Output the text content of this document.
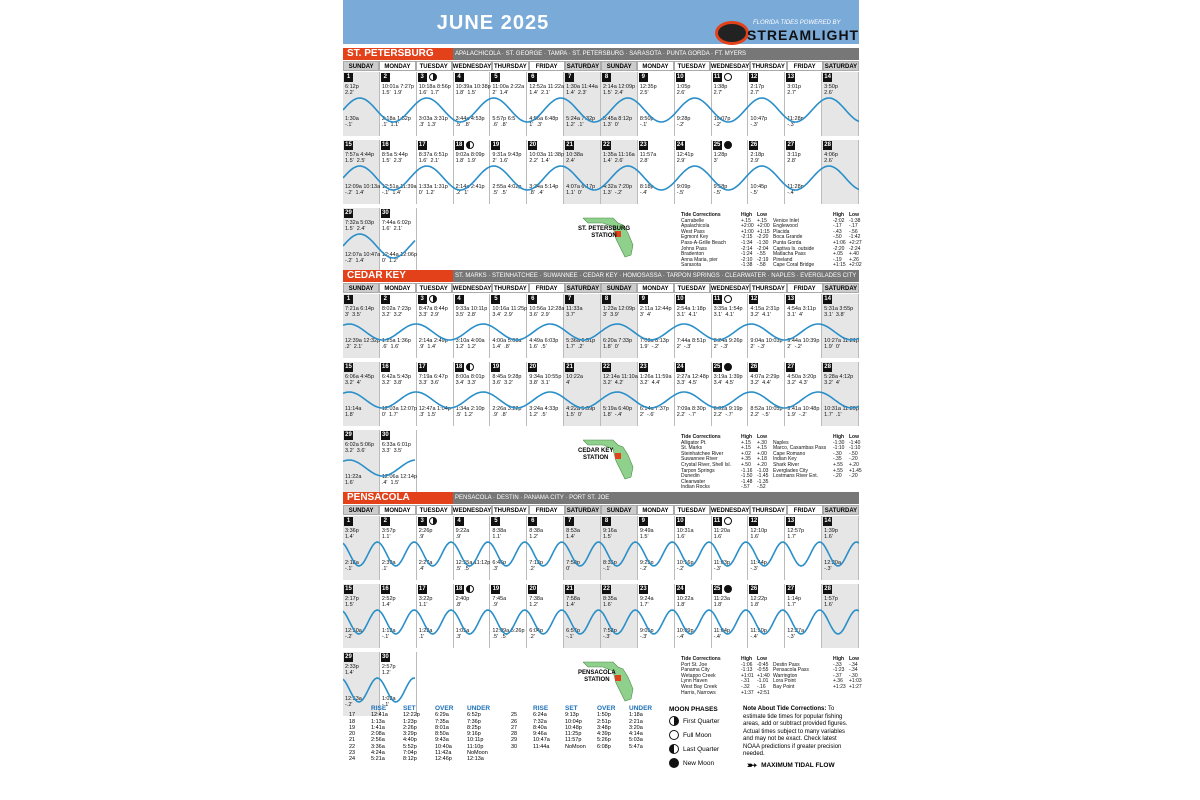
JUNE 2025	FLORIDA TIDES POWERED BY
STREAMLIGHT
ST. PETERSBURG	APALACHICOLA · ST. GEORGE · TAMPA · ST. PETERSBURG · SARASOTA · PUNTA GORDA · FT. MYERS
SUNDAY	MONDAY	TUESDAY WEDNESDAY THURSDAY	FRIDAY	SATURDAY	SUNDAY	MONDAY	TUESDAY WEDNESDAY THURSDAY	FRIDAY	SATURDAY
1
6:12p
2.2'
1:30a
-.1'
2
10:01a 7:27p
1.5'  1.9'
2:18a 1:52p
.1'  1.1'
3
10:18a 8:56p
1.6'  1.7'
3:03a 3:31p
.3'  1.3'
4
10:39a 10:38p
1.8'  1.5'
3:44a 4:53p
.5'  .8'
5
11:00a 2:22a
2'  1.4'
5:57p 6:5
.6'  .8'
6
12:52a 11:22a
1.4'  2.1'
4:56a 6:48p
1'  .3'
7
1:30a 11:44a
1.4'  2.3'
5:24a 7:32p
1.2'  .1'
8
2:14a 12:09p
1.5'  2.4'
5:45a 8:12p
1.3'  0'
9
12:35p
2.5'
8:50p
-.1'
10
1:05p
2.6'
9:28p
-.2'
11
1:38p
2.7'
10:07p
-.2'
12
2:17p
2.7'
10:47p
-.3'
13
3:01p
2.7'
11:28p
-.3'
14
3:50p
2.6'
15
7:57a 4:44p
1.5'  2.5'
12:09a 10:13a
-.2'  1.4'
16
8:5a 5:44p
1.5'  2.3'
12:51a 11:39a
-.1'  1.4'
17
8:37a 6:51p
1.6'  2.1'
1:33a 1:31p
0'  1.2'
18
9:02a 8:09p
1.8'  1.9'
2:14a 2:41p
.2'  1'
19
9:31a 9:43p
2'  1.6'
2:55a 4:02p
.5'  .5'
20
10:03a 11:38p
2.2'  1.4'
3:34a 5:14p
.8'  .4'
21
10:38a
2.4'
4:07a 6:17p
1.1'  0'
22
1:35a 11:16a
1.4'  2.6'
4:32a 7:20p
1.3'  -.2'
23
11:57a
2.8'
8:18p
-.4'
24
12:41p
2.9'
9:09p
-.5'
25
1:28p
3'
9:58p
-.5'
26
2:18p
2.9'
10:45p
-.5'
27
3:11p
2.8'
11:28p
-.4'
28
4:06p
2.6'
29
7:32a 5:03p
1.5'  2.4'
12:07a 10:47a
-.2'  1.4'
30
7:44a 6:02p
1.6'  2.1'
12:44a 12:06p
0'  1.2'
ST. PETERSBURG
STATION
Tide Corrections	High Low
Carrabelle	+.15	+.15
Apalachicola	+2:00 +2:00
West Pass	+1:00 +1:15
Egmont Key	-2:15 -2:20
Pass-A-Grille Beach	-1:34 -1:30
Johns Pass	-2:14 -2:04
Bradenton	-1:24 -.55
Anna Maria, pier	-2:10 -2:19
Sarasota	-1:38 -.58
High Low
Venice Inlet	-2:02 -1:38
Englewood	-.17	-.17
Placida	-.43	-.56
Boca Grande	-.50	-1:42
Punta Gorda	+1:06 +2:27
Captiva Is. outside	-2:20 -2:24
Matlacha Pass	+.05	+.40
Pineland	-.19	+.26
Cape Coral Bridge	+1:15 +2:02
CEDAR KEY	ST. MARKS · STEINHATCHEE · SUWANNEE · CEDAR KEY · HOMOSASSA · TARPON SPRINGS · CLEARWATER · NAPLES · EVERGLADES CITY
SUNDAY	MONDAY	TUESDAY WEDNESDAY THURSDAY	FRIDAY	SATURDAY	SUNDAY	MONDAY	TUESDAY WEDNESDAY THURSDAY	FRIDAY	SATURDAY
1
7:21a 6:14p
3'  3.5'
12:39a 12:32p
.2'  2.1'
2
8:02a 7:23p
3.2'  3.2'
1:25a 1:36p
.6'  1.6'
3
8:47a 8:44p
3.3'  2.9'
2:14a 2:49p
.9'  1.4'
4
9:33a 10:11p
3.5'  2.8'
3:10a 4:00a
1.2'  1.2'
5
10:16a 11:25p
3.4'  2.9'
4:00a 5:08a
1.4'  .8'
6
10:56a 12:28a
3.6'  2.9'
4:49a 6:03p
1.6'  .5'
7
11:33a
3.7'
5:36a 6:51p
1.7'  .2'
8
1:23a 12:09p
3'  3.9'
6:20a 7:33p
1.8'  0'
9
2:11a 12:44p
3'  4'
7:03a 8:13p
1.9'  -.2'
10
2:54a 1:18p
3.1'  4.1'
7:44a 8:51p
2'  -.3'
11
3:35a 1:54p
3.1'  4.1'
8:24a 9:26p
2'  -.3'
12
4:15a 2:31p
3.2'  4.1'
9:04a 10:03p
2'  -.3'
13
4:54a 3:11p
3.1'  4'
9:44a 10:39p
2'  -.2'
14
5:31a 3:55p
3.1'  3.8'
10:27a 11:21p
1.9'  0'
15
6:06a 4:45p
3.2'  4'
11:14a
1.8'
16
6:42a 5:43p
3.2'  3.8'
12:03a 12:07p
0'  1.7'
17
7:19a 6:47p
3.3'  3.6'
12:47a 1:04p
.3'  1.5'
18
8:00a 8:01p
3.4'  3.3'
1:34a 2:10p
.5'  1.2'
19
8:45a 9:28p
3.6'  3.2'
2:26a 3:22p
.9'  .8'
20
9:34a 10:55p
3.8'  3.1'
3:24a 4:33p
1.2'  .5'
21
10:22a
4'
4:22a 5:39p
1.5'  0'
22
12:14a 11:10a
3.2'  4.2'
5:19a 6:40p
1.8'  -.4'
23
1:26a 11:59a
3.2'  4.4'
6:14a 7:37p
2'  -.6'
24
2:27a 12:48p
3.3'  4.5'
7:09a 8:30p
2.2'  -.7'
25
3:19a 1:39p
3.4'  4.5'
8:02a 9:19p
2.2'  -.7'
26
4:07a 2:29p
3.2'  4.4'
8:52a 10:05p
2.2'  -.5'
27
4:50a 3:20p
3.2'  4.3'
9:41a 10:48p
1.9'  -.2'
28
5:28a 4:12p
3.2'  4'
10:31a 11:29p
1.7'  .1'
29
6:02a 5:06p
3.2'  3.6'
11:22a
1.6'
30
6:33a 6:01p
3.3'  3.5'
12:06a 12:14p
.4'  1.5'
CEDAR KEY
STATION
Tide Corrections	High Low
Alligator Pt.	+.15	+.30
St. Marks	+.15	+.15
Steinhatchee River	+.02	+.00
Suwannee River	+.35	+.18
Crystal River, Shell Isl.	+.50	+.20
Tarpon Springs	-1.16 -1.03
Dunedin	-1.50 -1.45
Clearwater	-1.48 -1.35
Indian Rocks	-.57	-.52
High Low
Naples	-1:30 -1:40
Marco, Caxambas Pass	-1:10 -1:10
Cape Romano	-.30	-.50
Indian Key	-.35	-.20
Shark River	+.55	+.20
Everglades City	+.55	+1.45
Lostmans River Ent.	-.20	-.20
PENSACOLA	PENSACOLA · DESTIN · PANAMA CITY · PORT ST. JOE
SUNDAY	MONDAY	TUESDAY WEDNESDAY THURSDAY	FRIDAY	SATURDAY	SUNDAY	MONDAY	TUESDAY WEDNESDAY THURSDAY	FRIDAY	SATURDAY
1
3:36p
1.4'
2:18a
-.1'
2
3:57p
1.1'
2:39a
.1'
3
2:26p
.9'
2:27a
.4'
4
9:22a
.9'
12:55a 11:12p
.5'  .5'
5
8:38a
1.1'
6:46p
.3'
6
8:38a
1.2'
7:13p
.2'
7
8:53a
1.4'
7:50p
0'
8
9:16a
1.5'
8:35p
-.1'
9
9:49a
1.5'
9:25p
-.2'
10
10:31a
1.6'
10:16p
-.2'
11
11:20a
1.6'
11:03p
-.3'
12
12:10p
1.6'
11:44p
-.3'
13
12:57p
1.7'
14
1:39p
1.6'
12:20a
-.3'
15
2:17p
1.5'
12:50a
-.2'
16
2:52p
1.4'
1:13a
-.1'
17
3:22p
1.1'
1:23a
.1'
18
2:40p
.8'
1:05a
.3'
19
7:45a
.9'
12:09a 5:26p
.5'  .5'
20
7:38a
1.2'
6:04p
.2'
21
7:58a
1.4'
6:57p
-.1'
22
8:35a
1.6'
7:58p
-.3'
23
9:24a
1.7'
9:05p
-.3'
24
10:22a
1.8'
10:09p
-.4'
25
11:23a
1.8'
11:04p
-.4'
26
12:22p
1.8'
11:50p
-.4'
27
1:14p
1.7'
12:27a
-.3'
28
1:57p
1.6'
29
2:33p
1.4'
12:53a
-.2'
30
2:57p
1.2'
1:02a
-.1'
PENSACOLA
STATION
Tide Corrections	High Low
Port St. Joe	-1:06 -0:45
Panama City	-1:13 -0:55
Wetappo Creek	+1:01 +1:40
Lynn Haven	-.31	-1.01
West Bay Creek	-.32	-.16
Harris, Narrows	+1:37 +2:51
High Low
Destin Pass	-.33	-.34
Pensacola Pass	-1:23 -.34
Warrington	-.37	-.30
Lora Point	+.36	+1:03
Bay Point	+1:23 +1:27
RISE	SET	OVER	UNDER
17	12:41a	12:22p	6:29a	6:52p
18	1:13a	1:23p	7:35a	7:36p
19	1:41a	2:26p	8:01a	8:25p
20	2:08a	3:29p	8:50a	9:16p
21	2:56a	4:40p	9:43a	10:11p
22	3:36a	5:52p	10:40a	11:10p
23	4:24a	7:04p	11:42a	NoMoon
24	5:21a	8:12p	12:46p	12:13a
RISE	SET	OVER	UNDER
25	6:24a	9:13p	1:50p	1:18a
26	7:32a	10:04p	2:51p	2:21a
27	8:40a	10:48p	3:48p	3:20a
28	9:46a	11:25p	4:39p	4:14a
29	10:47a	11:57p	5:26p	5:03a
30	11:44a	NoMoon	6:08p	5:47a
MOON PHASES
First Quarter
Full Moon
Last Quarter
New Moon
Note About Tide Corrections: To estimate tide times for popular fishing areas, add or subtract provided figures. Actual times subject to many variables and may not be exact. Check latest NOAA predictions if greater precision needed.
➵ MAXIMUM TIDAL FLOW
